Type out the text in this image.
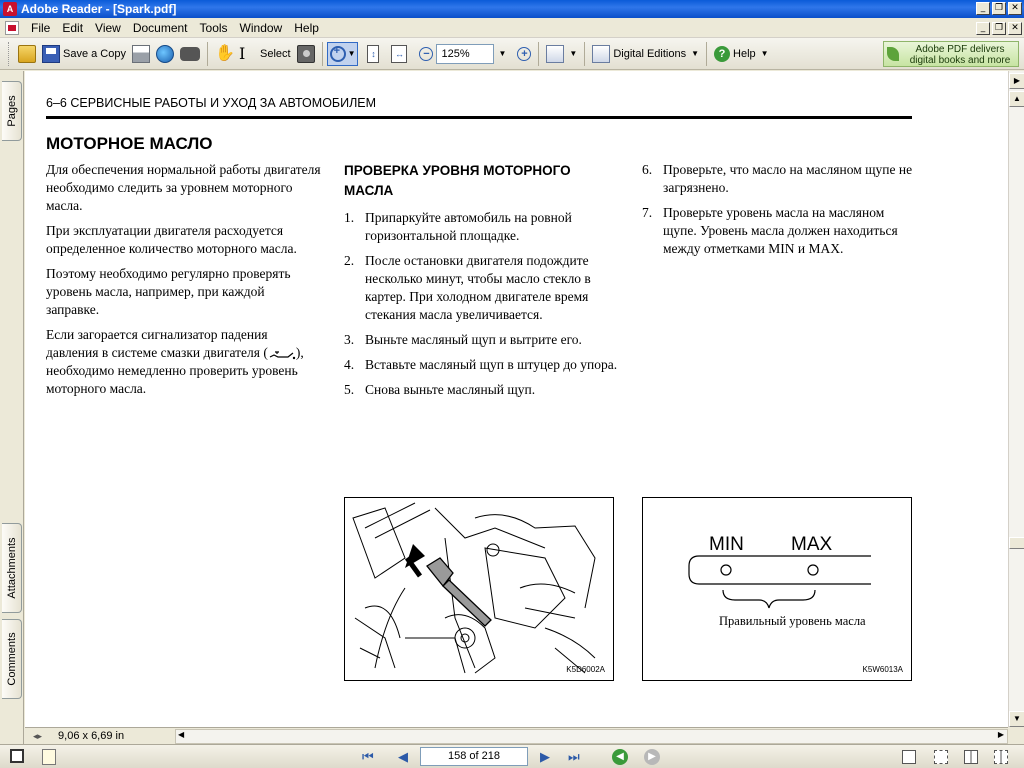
A Adobe Reader - [Spark.pdf]	_	❐ ✕
File	Edit	View	Document	Tools	Window	Help	_	❐ ✕
Save a Copy	✋ I	Select
+	▼	↕	↔	−	125%	▼	+	▼	Digital Editions ▼	? Help ▼	Adobe PDF delivers
digital books and more
Pages
Attachments
Comments
6–6 СЕРВИСНЫЕ РАБОТЫ И УХОД ЗА АВТОМОБИЛЕМ
МОТОРНОЕ МАСЛО

Для обеспечения нормальной работы двигателя необходимо следить за уровнем моторного масла.

При эксплуатации двигателя расходуется определенное количество моторного масла.

Поэтому необходимо регулярно проверять уровень масла, например, при каждой заправке.

Если загорается сигнализатор падения давления в системе смазки двигателя ( ), необходимо немедленно проверить уровень моторного масла.

ПРОВЕРКА УРОВНЯ МОТОРНОГО МАСЛА
1. Припаркуйте автомобиль на ровной горизонтальной площадке.
2. После остановки двигателя подождите несколько минут, чтобы масло стекло в картер. При холодном двигателе время стекания масла увеличивается.
3. Выньте масляный щуп и вытрите его.
4. Вставьте масляный щуп в штуцер до упора.
5. Снова выньте масляный щуп.
6. Проверьте, что масло на масляном щупе не загрязнено.
7. Проверьте уровень масла на масляном щупе. Уровень масла должен находиться между отметками MIN и MAX.
K5D6002A
MIN MAX
Правильный уровень масла
K5W6013A
▶
▲
▼
◂▸ 9,06 x 6,69 in	◀	▶
⏮ ◀	158 of 218	▶ ⏭	◀	▶
